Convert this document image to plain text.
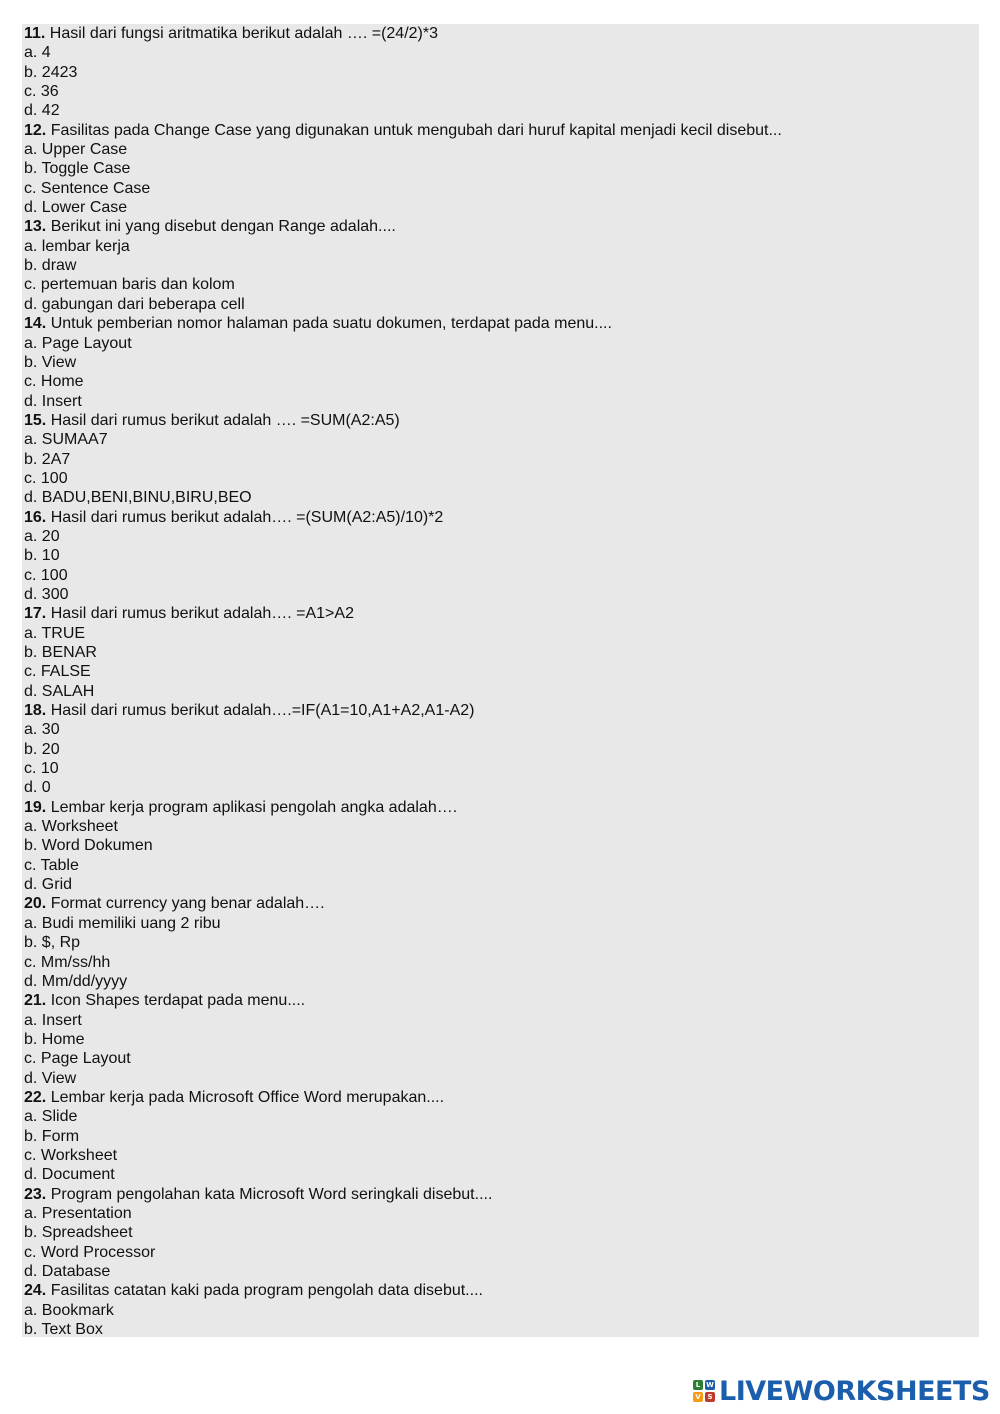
11. Hasil dari fungsi aritmatika berikut adalah …. =(24/2)*3
a. 4
b. 2423
c. 36
d. 42
12. Fasilitas pada Change Case yang digunakan untuk mengubah dari huruf kapital menjadi kecil disebut...
a. Upper Case
b. Toggle Case
c. Sentence Case
d. Lower Case
13. Berikut ini yang disebut dengan Range adalah....
a. lembar kerja
b. draw
c. pertemuan baris dan kolom
d. gabungan dari beberapa cell
14. Untuk pemberian nomor halaman pada suatu dokumen, terdapat pada menu....
a. Page Layout
b. View
c. Home
d. Insert
15. Hasil dari rumus berikut adalah …. =SUM(A2:A5)
a. SUMAA7
b. 2A7
c. 100
d. BADU,BENI,BINU,BIRU,BEO
16. Hasil dari rumus berikut adalah…. =(SUM(A2:A5)/10)*2
a. 20
b. 10
c. 100
d. 300
17. Hasil dari rumus berikut adalah…. =A1>A2
a. TRUE
b. BENAR
c. FALSE
d. SALAH
18. Hasil dari rumus berikut adalah….=IF(A1=10,A1+A2,A1-A2)
a. 30
b. 20
c. 10
d. 0
19. Lembar kerja program aplikasi pengolah angka adalah….
a. Worksheet
b. Word Dokumen
c. Table
d. Grid
20. Format currency yang benar adalah….
a. Budi memiliki uang 2 ribu
b. $, Rp
c. Mm/ss/hh
d. Mm/dd/yyyy
21. Icon Shapes terdapat pada menu....
a. Insert
b. Home
c. Page Layout
d. View
22. Lembar kerja pada Microsoft Office Word merupakan....
a. Slide
b. Form
c. Worksheet
d. Document
23. Program pengolahan kata Microsoft Word seringkali disebut....
a. Presentation
b. Spreadsheet
c. Word Processor
d. Database
24. Fasilitas catatan kaki pada program pengolah data disebut....
a. Bookmark
b. Text Box
L W
V S LIVEWORKSHEETS
